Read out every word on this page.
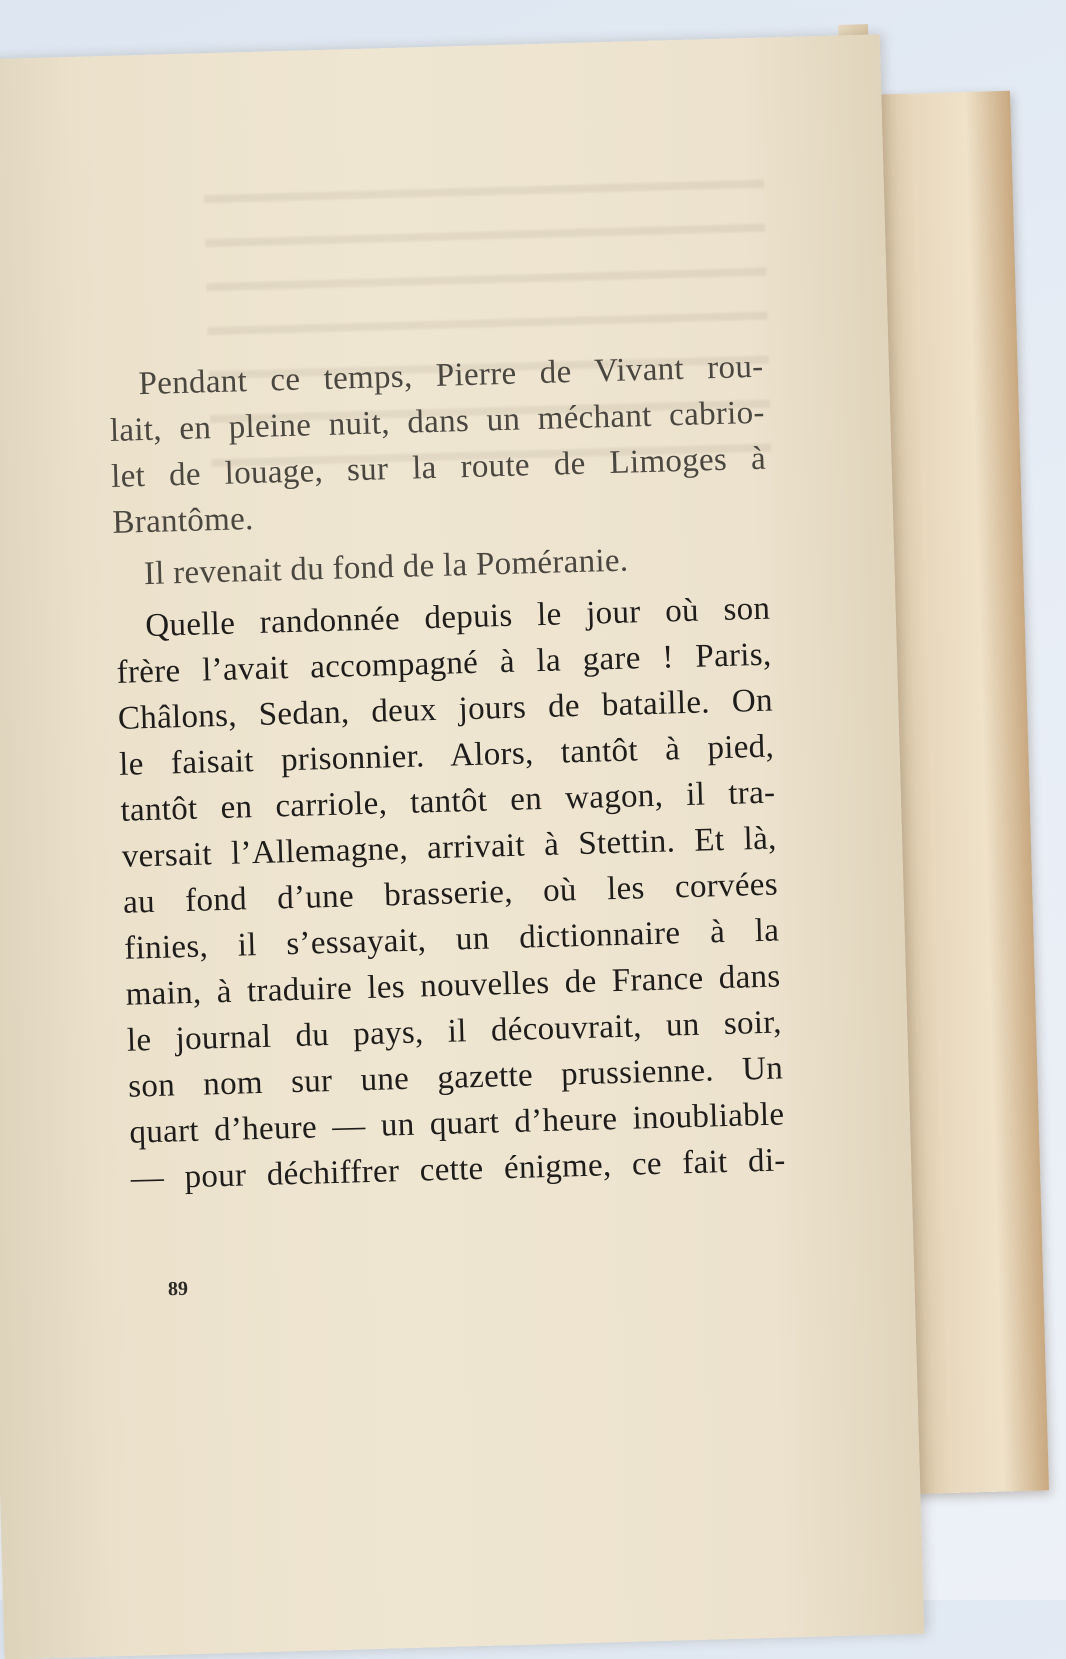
Pendant ce temps, Pierre de Vivant rou-
lait, en pleine nuit, dans un méchant cabrio-
let de louage, sur la route de Limoges à
Brantôme.
Il revenait du fond de la Poméranie.
Quelle randonnée depuis le jour où son
frère l’avait accompagné à la gare ! Paris,
Châlons, Sedan, deux jours de bataille. On
le faisait prisonnier. Alors, tantôt à pied,
tantôt en carriole, tantôt en wagon, il tra-
versait l’Allemagne, arrivait à Stettin. Et là,
au fond d’une brasserie, où les corvées
finies, il s’essayait, un dictionnaire à la
main, à traduire les nouvelles de France dans
le journal du pays, il découvrait, un soir,
son nom sur une gazette prussienne. Un
quart d’heure — un quart d’heure inoubliable
— pour déchiffrer cette énigme, ce fait di-
89
